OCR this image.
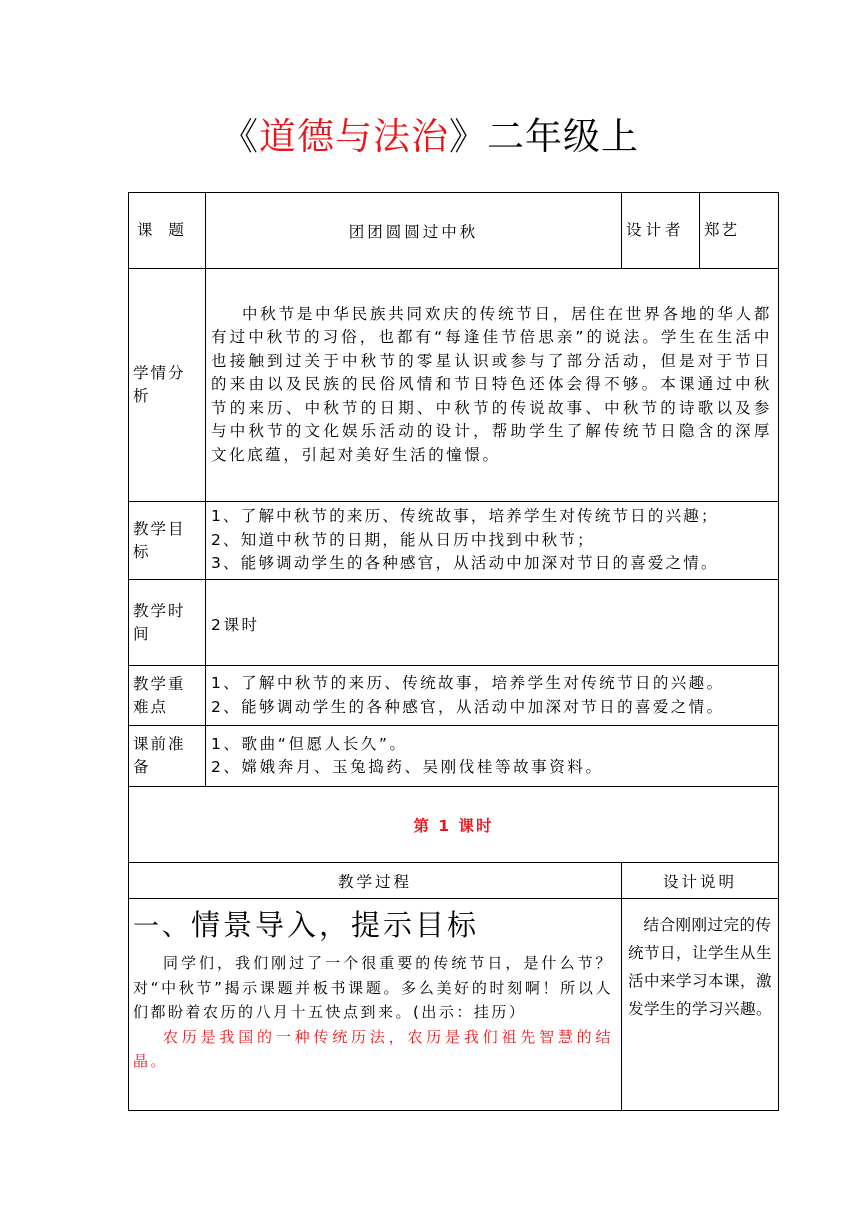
《道德与法治》二年级上
课  题	团团圆圆过中秋	设计者	郑艺
学情分析	中秋节是中华民族共同欢庆的传统节日，居住在世界各地的华人都有过中秋节的习俗，也都有“每逢佳节倍思亲”的说法。学生在生活中也接触到过关于中秋节的零星认识或参与了部分活动，但是对于节日的来由以及民族的民俗风情和节日特色还体会得不够。本课通过中秋节的来历、中秋节的日期、中秋节的传说故事、中秋节的诗歌以及参与中秋节的文化娱乐活动的设计，帮助学生了解传统节日隐含的深厚文化底蕴，引起对美好生活的憧憬。		

教学目标	1、了解中秋节的来历、传统故事，培养学生对传统节日的兴趣；
2、知道中秋节的日期，能从日历中找到中秋节；
3、能够调动学生的各种感官，从活动中加深对节日的喜爱之情。		

教学时间	2课时		
教学重难点	1、了解中秋节的来历、传统故事，培养学生对传统节日的兴趣。
2、能够调动学生的各种感官，从活动中加深对节日的喜爱之情。		

课前准备	1、歌曲“但愿人长久”。
2、嫦娥奔月、玉兔捣药、吴刚伐桂等故事资料。		

第 1 课时			
教学过程		设计说明	

一、情景导入，提示目标

同学们，我们刚过了一个很重要的传统节日，是什么节？对“中秋节”揭示课题并板书课题。多么美好的时刻啊！所以人们都盼着农历的八月十五快点到来。(出示：挂历）

农历是我国的一种传统历法，农历是我们祖先智慧的结晶。		结合刚刚过完的传统节日，让学生从生活中来学习本课，激发学生的学习兴趣。	
